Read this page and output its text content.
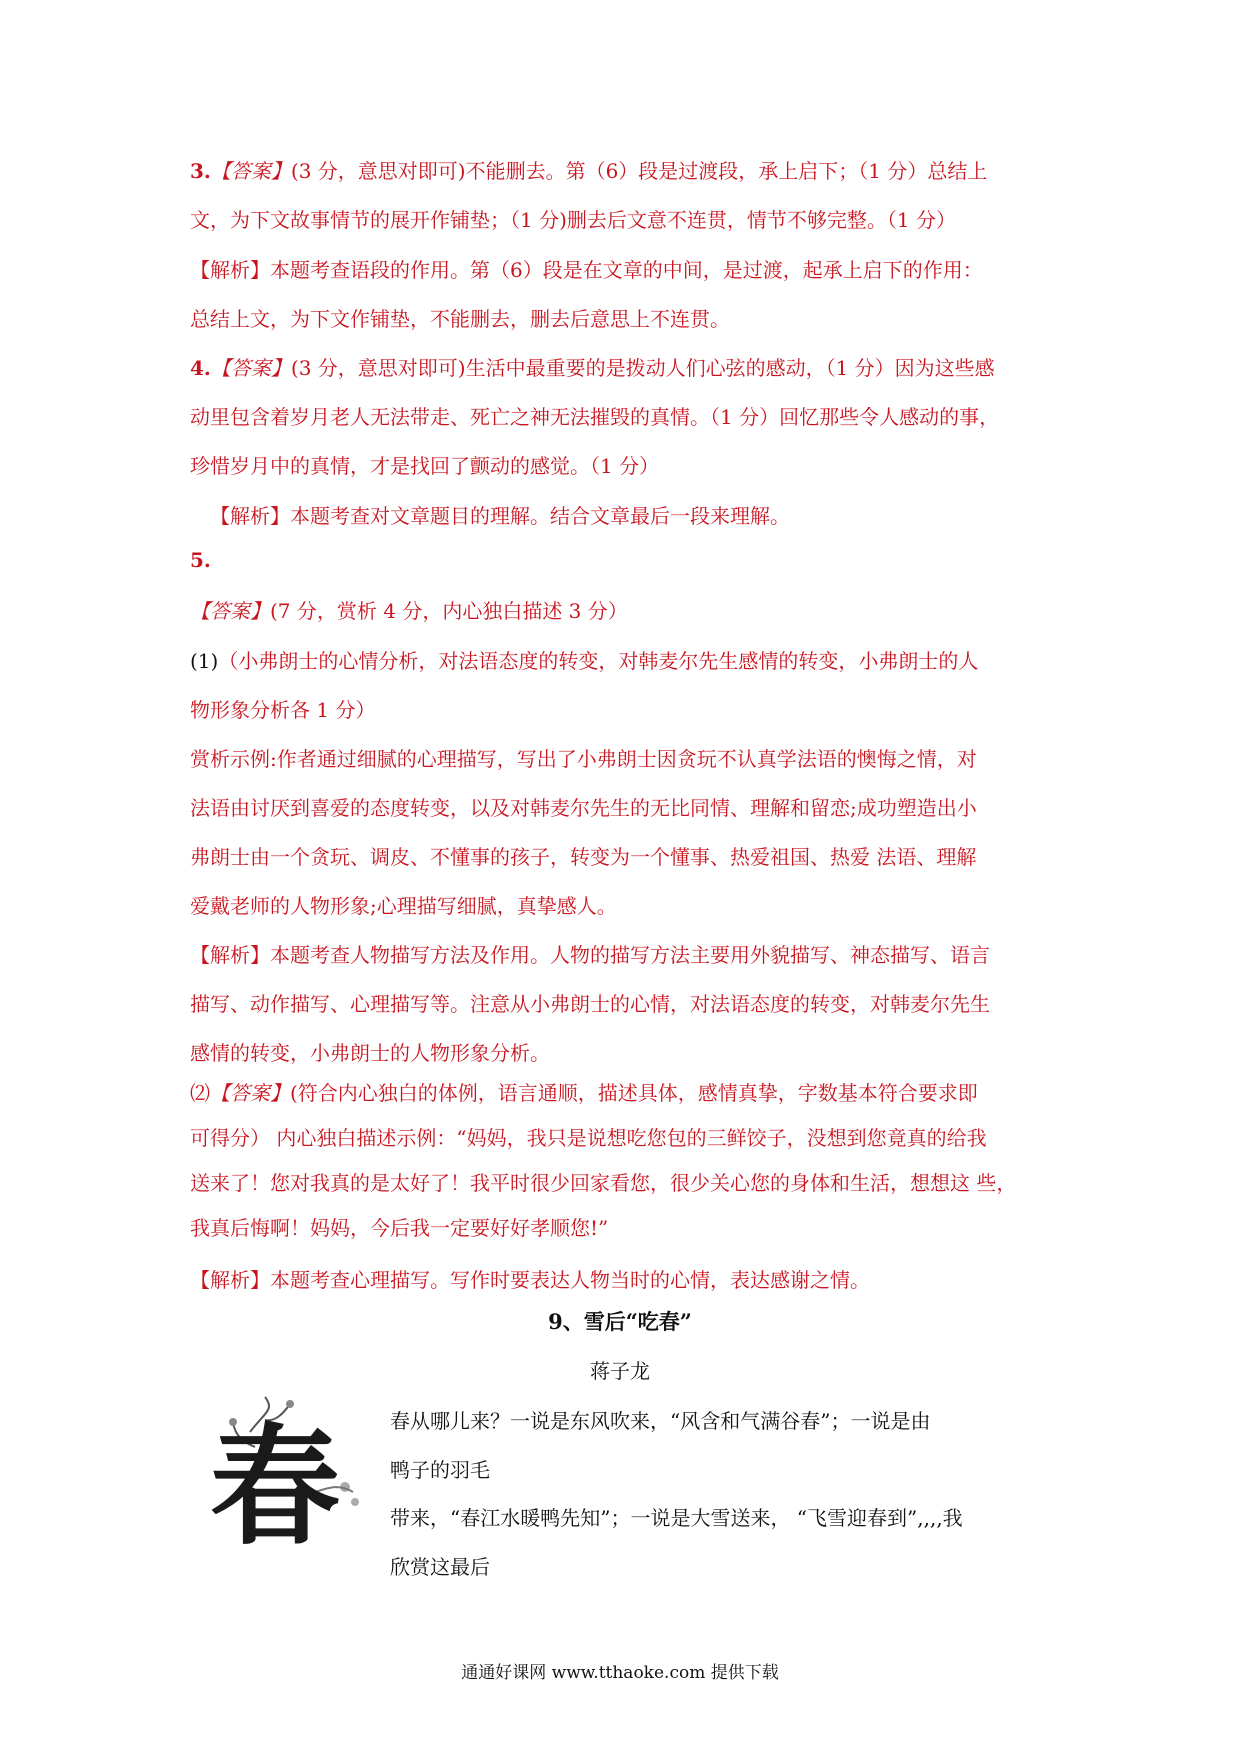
3.【答案】(3 分，意思对即可)不能删去。第（6）段是过渡段，承上启下；（1 分）总结上
文，为下文故事情节的展开作铺垫；（1 分)删去后文意不连贯，情节不够完整。（1 分）
【解析】本题考查语段的作用。第（6）段是在文章的中间，是过渡，起承上启下的作用：
总结上文，为下文作铺垫，不能删去，删去后意思上不连贯。
4.【答案】(3 分，意思对即可)生活中最重要的是拨动人们心弦的感动，（1 分）因为这些感
动里包含着岁月老人无法带走、死亡之神无法摧毁的真情。（1 分）回忆那些令人感动的事，
珍惜岁月中的真情，才是找回了颤动的感觉。（1 分）
【解析】本题考查对文章题目的理解。结合文章最后一段来理解。
5.
【答案】(7 分，赏析 4 分，内心独白描述 3 分）
(1)（小弗朗士的心情分析，对法语态度的转变，对韩麦尔先生感情的转变，小弗朗士的人
物形象分析各 1 分）
赏析示例:作者通过细腻的心理描写，写出了小弗朗士因贪玩不认真学法语的懊悔之情，对
法语由讨厌到喜爱的态度转变，以及对韩麦尔先生的无比同情、理解和留恋;成功塑造出小
弗朗士由一个贪玩、调皮、不懂事的孩子，转变为一个懂事、热爱祖国、热爱 法语、理解
爱戴老师的人物形象;心理描写细腻，真挚感人。
【解析】本题考查人物描写方法及作用。人物的描写方法主要用外貌描写、神态描写、语言
描写、动作描写、心理描写等。注意从小弗朗士的心情，对法语态度的转变，对韩麦尔先生
感情的转变，小弗朗士的人物形象分析。
⑵【答案】(符合内心独白的体例，语言通顺，描述具体，感情真挚，字数基本符合要求即
可得分） 内心独白描述示例：“妈妈，我只是说想吃您包的三鲜饺子，没想到您竟真的给我
送来了！您对我真的是太好了！我平时很少回家看您，很少关心您的身体和生活，想想这 些，
我真后悔啊！妈妈，今后我一定要好好孝顺您!”
【解析】本题考查心理描写。写作时要表达人物当时的心情，表达感谢之情。
9、雪后“吃春”
蒋子龙
春 春从哪儿来？一说是东风吹来，“风含和气满谷春”；一说是由
鸭子的羽毛
带来，“春江水暖鸭先知”；一说是大雪送来， “飞雪迎春到”,,,,我
欣赏这最后
通通好课网 www.tthaoke.com 提供下载
